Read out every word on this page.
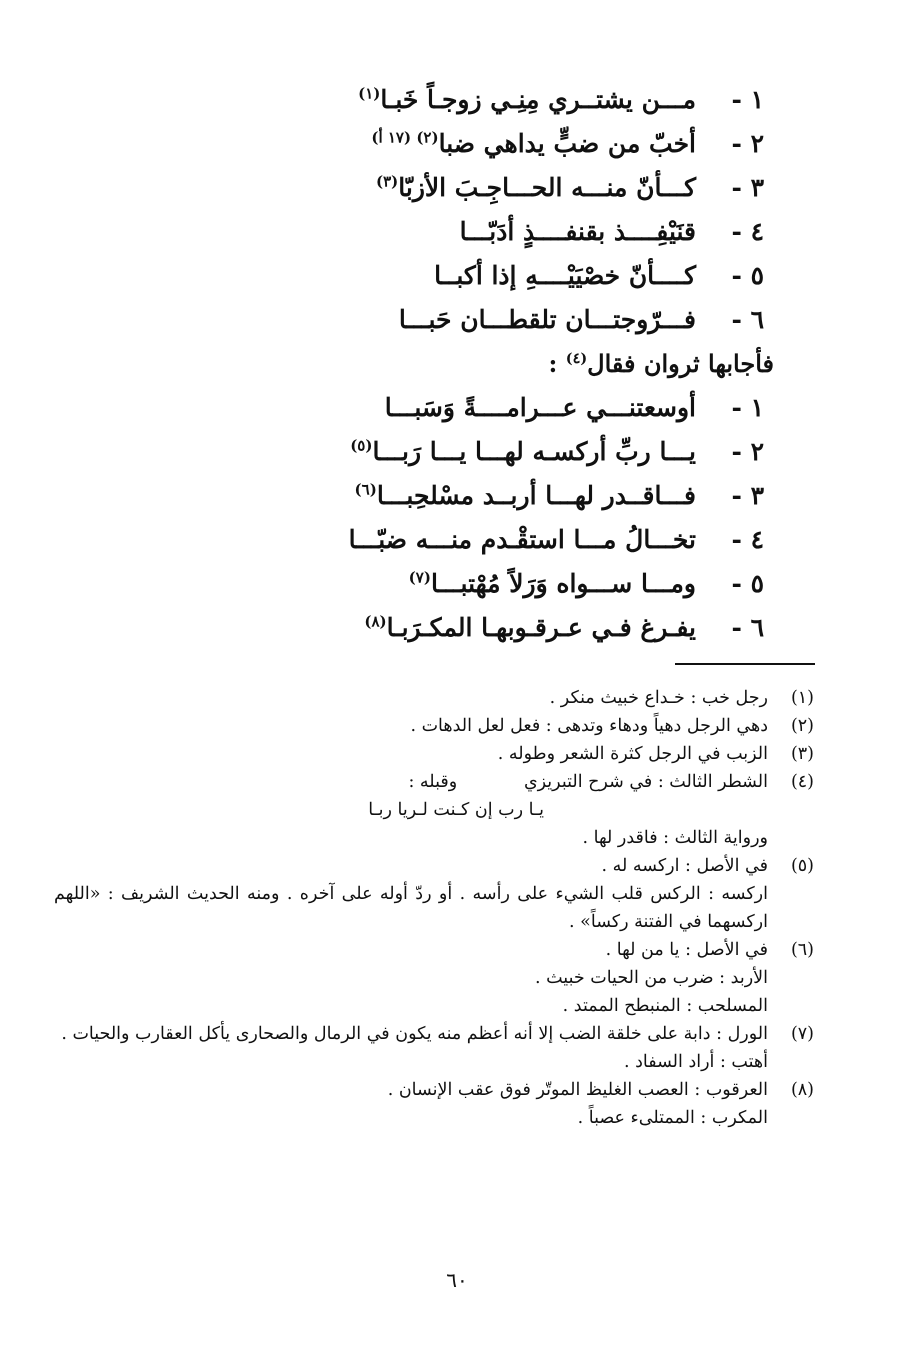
١ -مـــن يشتــري مِنِـي زوجـاً خَبـا$^{(١)}$
٢ -أخبّ من ضبٍّ يداهي ضبا$^{(٢) (١٧ أ)}$
٣ -كـــأنّ منـــه الحـــاجِـبَ الأزبّا$^{(٣)}$
٤ -قنَيْفِــــذ بقنفــــذٍ أدَبّـــا
٥ -كــــأنّ خصْيَيْــــهِ إذا أكبــا
٦ -فـــرّوجتـــان تلقطـــان حَبـــا
فأجابها ثروان فقال$^{(٤)}$ :
١ -أوسعتنـــي عـــرامــــةً وَسَبـــا
٢ -يـــا ربِّ أركسـه لهـــا يـــا رَبـــا$^{(٥)}$
٣ -فـــاقــدر لهـــا أربــد مسْلحِبـــا$^{(٦)}$
٤ -تخـــالُ مـــا استقْـدم منـــه ضبّـــا
٥ -ومـــا ســـواه وَرَلاً مُهْتبـــا$^{(٧)}$
٦ -يفـرغ فـي عـرقـوبهـا المكـرَبـا$^{(٨)}$
(١)
رجل خب : خـداع خبيث منكر .
(٢)
دهي الرجل دهياً ودهاء وتدهى : فعل لعل الدهات .
(٣)
الزبب في الرجل كثرة الشعر وطوله .
(٤)
الشطر الثالث : في شرح التبريزي            وقبله :
يـا رب إن كـنت لـريا ربـا
ورواية الثالث : فاقدر لها .
(٥)
في الأصل : اركسه له .
اركسه : الركس قلب الشيء على رأسه . أو ردّ أوله على آخره . ومنه الحديث الشريف : «اللهم اركسهما في الفتنة ركساً» .
(٦)
في الأصل : يا من لها .
الأربد : ضرب من الحيات خبيث .
المسلحب : المنبطح الممتد .
(٧)
الورل : دابة على خلقة الضب إلا أنه أعظم منه يكون في الرمال والصحارى يأكل العقارب والحيات .
أهتب : أراد السفاد .
(٨)
العرقوب : العصب الغليظ الموتّر فوق عقب الإنسان .
المكرب : الممتلىء عصباً .
٦٠
